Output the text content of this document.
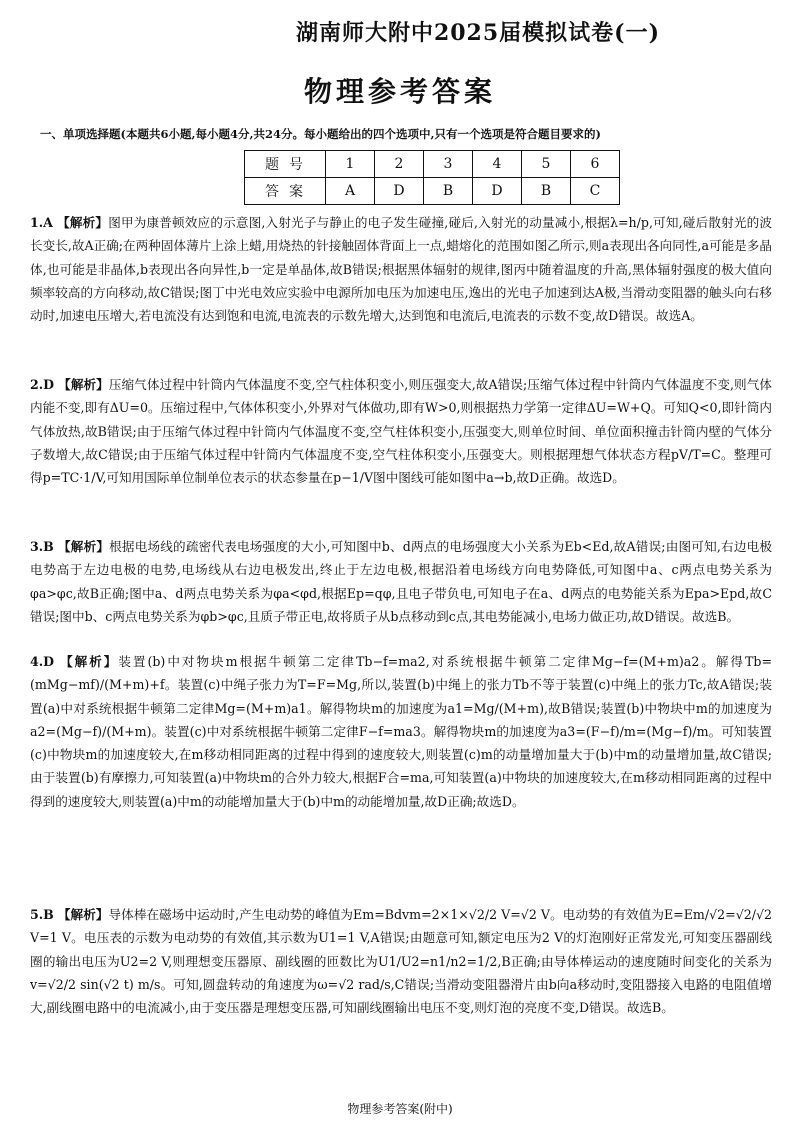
湖南师大附中2025届模拟试卷(一)
物理参考答案
一、单项选择题(本题共6小题,每小题4分,共24分。每小题给出的四个选项中,只有一个选项是符合题目要求的)
题号	1	2	3	4	5	6
答案	A	D	B	D	B	C
1.A 【解析】图甲为康普顿效应的示意图,入射光子与静止的电子发生碰撞,碰后,入射光的动量减小,根据λ=h/p,可知,碰后散射光的波长变长,故A正确;在两种固体薄片上涂上蜡,用烧热的针接触固体背面上一点,蜡熔化的范围如图乙所示,则a表现出各向同性,a可能是多晶体,也可能是非晶体,b表现出各向异性,b一定是单晶体,故B错误;根据黑体辐射的规律,图丙中随着温度的升高,黑体辐射强度的极大值向频率较高的方向移动,故C错误;图丁中光电效应实验中电源所加电压为加速电压,逸出的光电子加速到达A极,当滑动变阻器的触头向右移动时,加速电压增大,若电流没有达到饱和电流,电流表的示数先增大,达到饱和电流后,电流表的示数不变,故D错误。故选A。
2.D 【解析】压缩气体过程中针筒内气体温度不变,空气柱体积变小,则压强变大,故A错误;压缩气体过程中针筒内气体温度不变,则气体内能不变,即有ΔU=0。压缩过程中,气体体积变小,外界对气体做功,即有W>0,则根据热力学第一定律ΔU=W+Q。可知Q<0,即针筒内气体放热,故B错误;由于压缩气体过程中针筒内气体温度不变,空气柱体积变小,压强变大,则单位时间、单位面积撞击针筒内壁的气体分子数增大,故C错误;由于压缩气体过程中针筒内气体温度不变,空气柱体积变小,压强变大。则根据理想气体状态方程pV/T=C。整理可得p=TC·1/V,可知用国际单位制单位表示的状态参量在p−1/V图中图线可能如图中a→b,故D正确。故选D。
3.B 【解析】根据电场线的疏密代表电场强度的大小,可知图中b、d两点的电场强度大小关系为Eb<Ed,故A错误;由图可知,右边电极电势高于左边电极的电势,电场线从右边电极发出,终止于左边电极,根据沿着电场线方向电势降低,可知图中a、c两点电势关系为φa>φc,故B正确;图中a、d两点电势关系为φa<φd,根据Ep=qφ,且电子带负电,可知电子在a、d两点的电势能关系为Epa>Epd,故C错误;图中b、c两点电势关系为φb>φc,且质子带正电,故将质子从b点移动到c点,其电势能减小,电场力做正功,故D错误。故选B。
4.D 【解析】装置(b)中对物块m根据牛顿第二定律Tb−f=ma2,对系统根据牛顿第二定律Mg−f=(M+m)a2。解得Tb=(mMg−mf)/(M+m)+f。装置(c)中绳子张力为T=F=Mg,所以,装置(b)中绳上的张力Tb不等于装置(c)中绳上的张力Tc,故A错误;装置(a)中对系统根据牛顿第二定律Mg=(M+m)a1。解得物块m的加速度为a1=Mg/(M+m),故B错误;装置(b)中物块中m的加速度为a2=(Mg−f)/(M+m)。装置(c)中对系统根据牛顿第二定律F−f=ma3。解得物块m的加速度为a3=(F−f)/m=(Mg−f)/m。可知装置(c)中物块m的加速度较大,在m移动相同距离的过程中得到的速度较大,则装置(c)m的动量增加量大于(b)中m的动量增加量,故C错误;由于装置(b)有摩擦力,可知装置(a)中物块m的合外力较大,根据F合=ma,可知装置(a)中物块的加速度较大,在m移动相同距离的过程中得到的速度较大,则装置(a)中m的动能增加量大于(b)中m的动能增加量,故D正确;故选D。
5.B 【解析】导体棒在磁场中运动时,产生电动势的峰值为Em=Bdvm=2×1×√2/2 V=√2 V。电动势的有效值为E=Em/√2=√2/√2 V=1 V。电压表的示数为电动势的有效值,其示数为U1=1 V,A错误;由题意可知,额定电压为2 V的灯泡刚好正常发光,可知变压器副线圈的输出电压为U2=2 V,则理想变压器原、副线圈的匝数比为U1/U2=n1/n2=1/2,B正确;由导体棒运动的速度随时间变化的关系为v=√2/2 sin(√2 t) m/s。可知,圆盘转动的角速度为ω=√2 rad/s,C错误;当滑动变阻器滑片由b向a移动时,变阻器接入电路的电阻值增大,副线圈电路中的电流减小,由于变压器是理想变压器,可知副线圈输出电压不变,则灯泡的亮度不变,D错误。故选B。
物理参考答案(附中)
